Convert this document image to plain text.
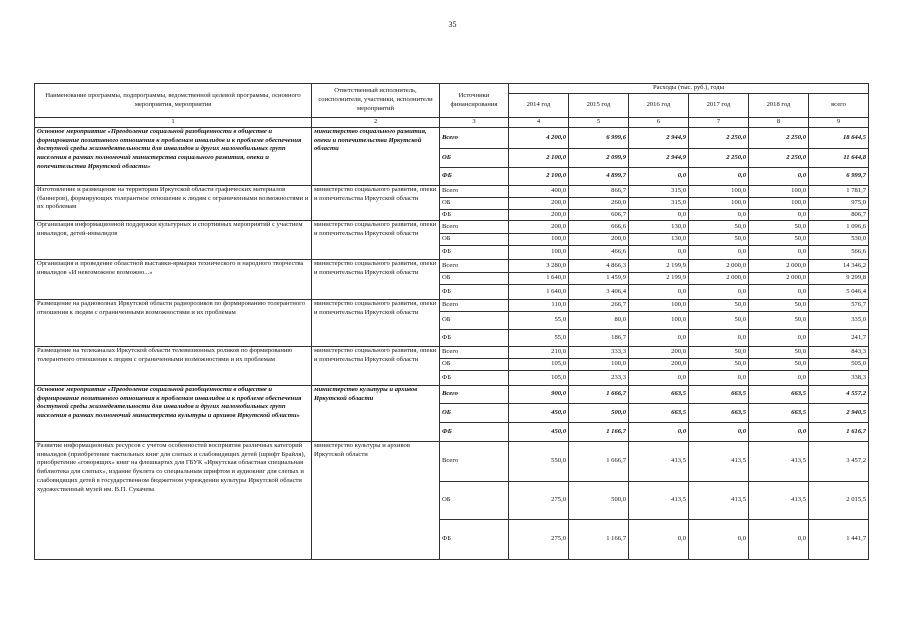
35
Наименование программы, подпрограммы, ведомственной целевой программы, основного мероприятия, мероприятия	Ответственный исполнитель, соисполнители, участники, исполнители мероприятий	Источники финансирования	Расходы (тыс. руб.), годы					
			2014 год	2015 год	2016 год	2017 год	2018 год	всего
1	2	3	4	5	6	7	8	9
Основное мероприятие «Преодоление социальной разобщенности в обществе и формирование позитивного отношения к проблемам инвалидов и к проблеме обеспечения доступной среды жизнедеятельности для инвалидов и других маломобильных групп населения в рамках полномочий министерства социального развития, опеки и попечительства Иркутской области»	министерство социального развития, опеки и попечительства Иркутской области	Всего	4 200,0	6 999,6	2 944,9	2 250,0	2 250,0	18 644,5
		ОБ	2 100,0	2 099,9	2 944,9	2 250,0	2 250,0	11 644,8
		ФБ	2 100,0	4 899,7	0,0	0,0	0,0	6 999,7
Изготовление и размещение на территории Иркутской области графических материалов (баннеров), формирующих толерантное отношение к людям с ограниченными возможностями и их проблемам	министерство социального развития, опеки и попечительства Иркутской области	Всего	400,0	866,7	315,0	100,0	100,0	1 781,7
		ОБ	200,0	260,0	315,0	100,0	100,0	975,0
		ФБ	200,0	606,7	0,0	0,0	0,0	806,7
Организация информационной поддержки культурных и спортивных мероприятий с участием инвалидов, детей-инвалидов	министерство социального развития, опеки и попечительства Иркутской области	Всего	200,0	666,6	130,0	50,0	50,0	1 096,6
		ОБ	100,0	200,0	130,0	50,0	50,0	530,0
		ФБ	100,0	466,6	0,0	0,0	0,0	566,6
Организация и проведение областной выставки-ярмарки технического и народного творчества инвалидов «И невозможное возможно...»	министерство социального развития, опеки и попечительства Иркутской области	Всего	3 280,0	4 866,3	2 199,9	2 000,0	2 000,0	14 346,2
		ОБ	1 640,0	1 459,9	2 199,9	2 000,0	2 000,0	9 299,8
		ФБ	1 640,0	3 406,4	0,0	0,0	0,0	5 046,4
Размещение на радиоволнах Иркутской области радиороликов по формированию толерантного отношения к людям с ограниченными возможностями и их проблемам	министерство социального развития, опеки и попечительства Иркутской области	Всего	110,0	266,7	100,0	50,0	50,0	576,7
		ОБ	55,0	80,0	100,0	50,0	50,0	335,0
		ФБ	55,0	186,7	0,0	0,0	0,0	241,7
Размещение на телеканалах Иркутской области телевизионных роликов по формированию толерантного отношения к людям с ограниченными возможностями и их проблемам	министерство социального развития, опеки и попечительства Иркутской области	Всего	210,0	333,3	200,0	50,0	50,0	843,3
		ОБ	105,0	100,0	200,0	50,0	50,0	505,0
		ФБ	105,0	233,3	0,0	0,0	0,0	338,3
Основное мероприятие «Преодоление социальной разобщенности в обществе и формирование позитивного отношения к проблемам инвалидов и к проблеме обеспечения доступной среды жизнедеятельности для инвалидов и других маломобильных групп населения в рамках полномочий министерства культуры и архивов Иркутской области»	министерство культуры и архивов Иркутской области	Всего	900,0	1 666,7	663,5	663,5	663,5	4 557,2
		ОБ	450,0	500,0	663,5	663,5	663,5	2 940,5
		ФБ	450,0	1 166,7	0,0	0,0	0,0	1 616,7
Развитие информационных ресурсов с учетом особенностей восприятия различных категорий инвалидов (приобретение тактильных книг для слепых и слабовидящих детей (шрифт Брайля), приобретение «говорящих» книг на флешкартах для ГБУК «Иркутская областная специальная библиотека для слепых», издание буклета со специальным шрифтом и аудиокниг для слепых и слабовидящих детей в государственном бюджетном учреждении культуры Иркутской области художественный музей им. В.П. Сукачева	министерство культуры и архивов Иркутской области	Всего	550,0	1 666,7	413,5	413,5	413,5	3 457,2
		ОБ	275,0	500,0	413,5	413,5	413,5	2 015,5
		ФБ	275,0	1 166,7	0,0	0,0	0,0	1 441,7
